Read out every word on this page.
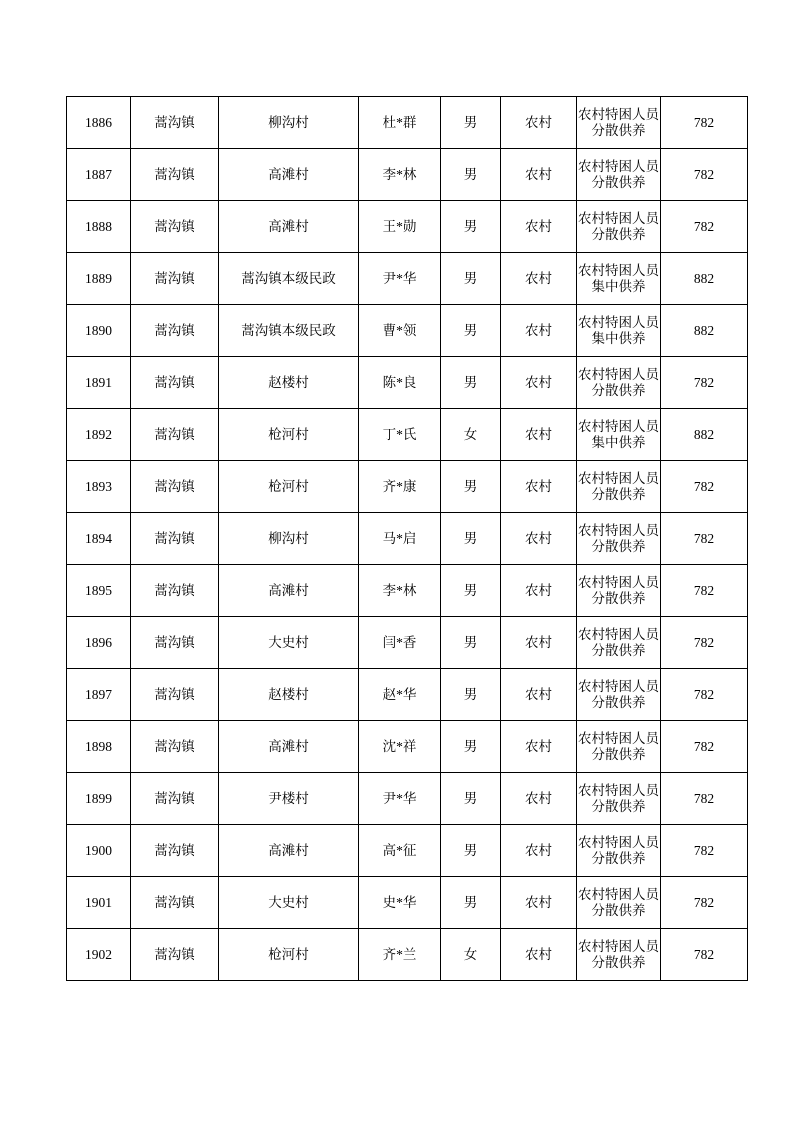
1886	蒿沟镇	柳沟村	杜*群	男	农村	农村特困人员分散供养	782
1887	蒿沟镇	高滩村	李*林	男	农村	农村特困人员分散供养	782
1888	蒿沟镇	高滩村	王*勋	男	农村	农村特困人员分散供养	782
1889	蒿沟镇	蒿沟镇本级民政	尹*华	男	农村	农村特困人员集中供养	882
1890	蒿沟镇	蒿沟镇本级民政	曹*领	男	农村	农村特困人员集中供养	882
1891	蒿沟镇	赵楼村	陈*良	男	农村	农村特困人员分散供养	782
1892	蒿沟镇	枪河村	丁*氏	女	农村	农村特困人员集中供养	882
1893	蒿沟镇	枪河村	齐*康	男	农村	农村特困人员分散供养	782
1894	蒿沟镇	柳沟村	马*启	男	农村	农村特困人员分散供养	782
1895	蒿沟镇	高滩村	李*林	男	农村	农村特困人员分散供养	782
1896	蒿沟镇	大史村	闫*香	男	农村	农村特困人员分散供养	782
1897	蒿沟镇	赵楼村	赵*华	男	农村	农村特困人员分散供养	782
1898	蒿沟镇	高滩村	沈*祥	男	农村	农村特困人员分散供养	782
1899	蒿沟镇	尹楼村	尹*华	男	农村	农村特困人员分散供养	782
1900	蒿沟镇	高滩村	高*征	男	农村	农村特困人员分散供养	782
1901	蒿沟镇	大史村	史*华	男	农村	农村特困人员分散供养	782
1902	蒿沟镇	枪河村	齐*兰	女	农村	农村特困人员分散供养	782
